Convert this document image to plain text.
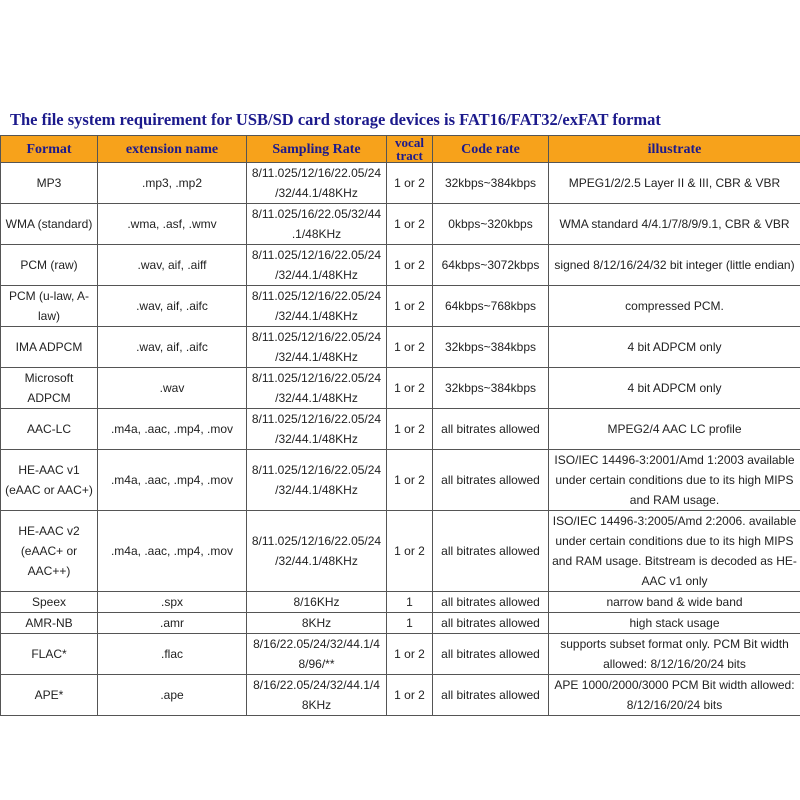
The file system requirement for USB/SD card storage devices is FAT16/FAT32/exFAT format
Format	extension name	Sampling Rate	vocal tract	Code rate	illustrate
MP3	.mp3, .mp2	8/11.025/12/16/22.05/24 /32/44.1/48KHz	1 or 2	32kbps~384kbps	MPEG1/2/2.5 Layer II & III, CBR & VBR
WMA (standard)	.wma, .asf, .wmv	8/11.025/16/22.05/32/44 .1/48KHz	1 or 2	0kbps~320kbps	WMA standard 4/4.1/7/8/9/9.1, CBR & VBR
PCM (raw)	.wav, aif, .aiff	8/11.025/12/16/22.05/24 /32/44.1/48KHz	1 or 2	64kbps~3072kbps	signed 8/12/16/24/32 bit integer (little endian)
PCM (u-law, A-law)	.wav, aif, .aifc	8/11.025/12/16/22.05/24 /32/44.1/48KHz	1 or 2	64kbps~768kbps	compressed PCM.
IMA ADPCM	.wav, aif, .aifc	8/11.025/12/16/22.05/24 /32/44.1/48KHz	1 or 2	32kbps~384kbps	4 bit ADPCM only
Microsoft ADPCM	.wav	8/11.025/12/16/22.05/24 /32/44.1/48KHz	1 or 2	32kbps~384kbps	4 bit ADPCM only
AAC-LC	.m4a, .aac, .mp4, .mov	8/11.025/12/16/22.05/24 /32/44.1/48KHz	1 or 2	all bitrates allowed	MPEG2/4 AAC LC profile
HE-AAC v1 (eAAC or AAC+)	.m4a, .aac, .mp4, .mov	8/11.025/12/16/22.05/24 /32/44.1/48KHz	1 or 2	all bitrates allowed	ISO/IEC 14496-3:2001/Amd 1:2003 available under certain conditions due to its high MIPS and RAM usage.
HE-AAC v2 (eAAC+ or AAC++)	.m4a, .aac, .mp4, .mov	8/11.025/12/16/22.05/24 /32/44.1/48KHz	1 or 2	all bitrates allowed	ISO/IEC 14496-3:2005/Amd 2:2006. available under certain conditions due to its high MIPS and RAM usage. Bitstream is decoded as HE-AAC v1 only
Speex	.spx	8/16KHz	1	all bitrates allowed	narrow band & wide band
AMR-NB	.amr	8KHz	1	all bitrates allowed	high stack usage
FLAC*	.flac	8/16/22.05/24/32/44.1/4 8/96/**	1 or 2	all bitrates allowed	supports subset format only. PCM Bit width allowed: 8/12/16/20/24 bits
APE*	.ape	8/16/22.05/24/32/44.1/4 8KHz	1 or 2	all bitrates allowed	APE 1000/2000/3000 PCM Bit width allowed: 8/12/16/20/24 bits
